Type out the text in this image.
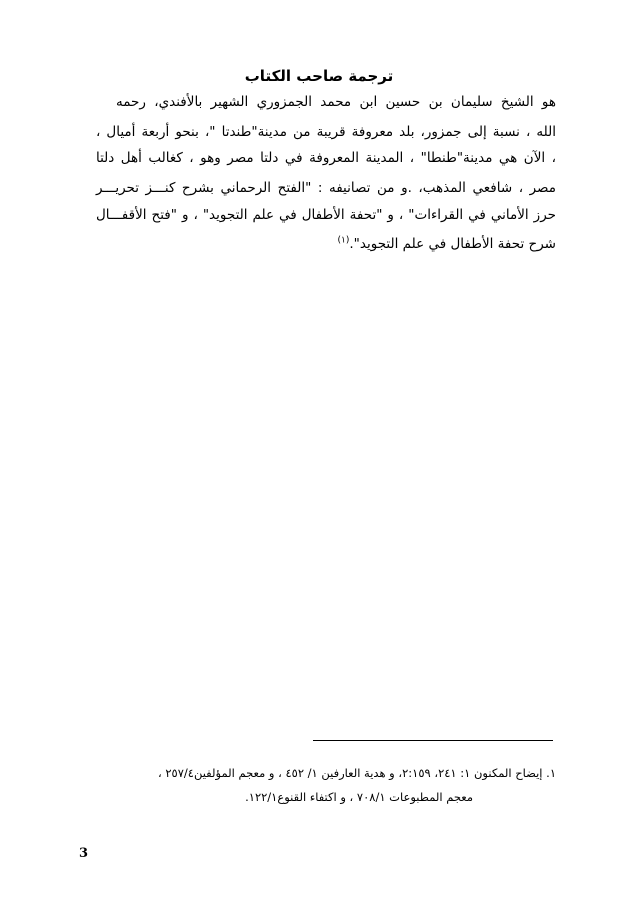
ترجمة صاحب الكتاب
هو الشيخ سليمان بن حسين ابن محمد الجمزوري الشهير بالأفندي، رحمه
الله ، نسبة إلى جمزور، بلد معروفة قريبة من مدينة"طندتا "، بنحو أربعة أميال ،
، الآن هي مدينة"طنطا" ، المدينة المعروفة في دلتا مصر وهو ، كغالب أهل دلتا
مصر ، شافعي المذهب، .و من تصانيفه : "الفتح الرحماني بشرح كنـــز تحريـــر
حرز الأماني في القراءات" ، و "تحفة الأطفال في علم التجويد" ، و "فتح الأقفـــال
شرح تحفة الأطفال في علم التجويد".$^{(١)}$
١. إيضاح المكنون ١: ٢٤١، ٢:١٥٩، و هدية العارفين ١/ ٤٥٢ ، و معجم المؤلفين٢٥٧/٤ ،
معجم المطبوعات ٧٠٨/١ ، و اكتفاء القنوع١٢٢/١.
3
